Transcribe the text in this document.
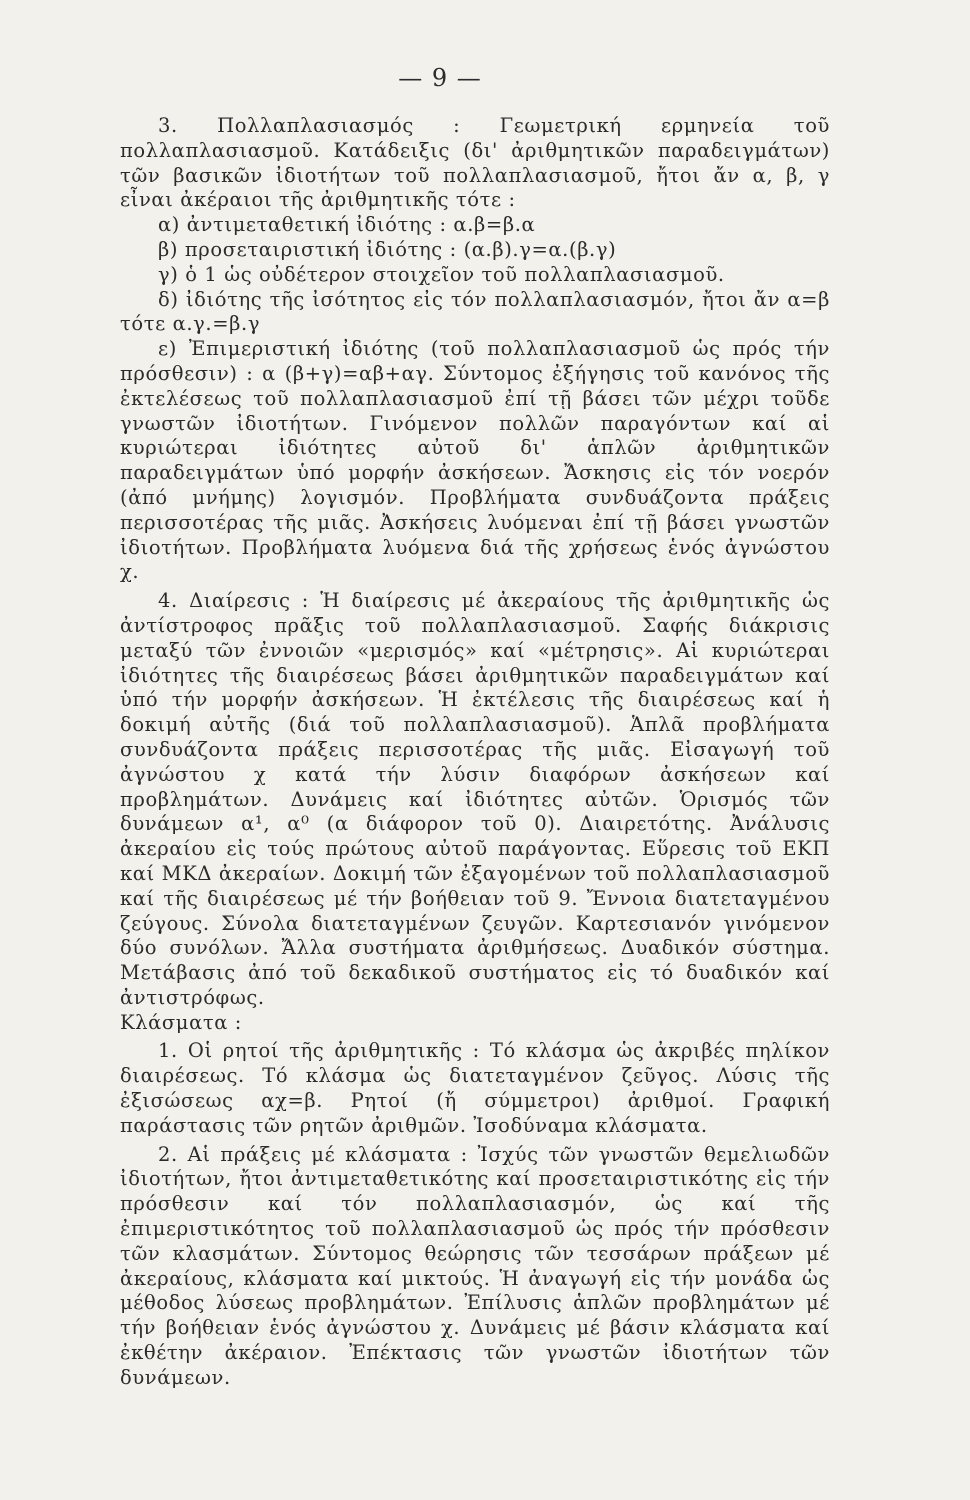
— 9 —

3. Πολλαπλασιασμός : Γεωμετρική ερμηνεία τοῦ πολλαπλασιασμοῦ. Κατάδειξις (δι' ἀριθμητικῶν παραδειγμάτων) τῶν βασικῶν ἰδιοτήτων τοῦ πολλαπλασιασμοῦ, ἤτοι ἄν α, β, γ εἶναι ἀκέραιοι τῆς ἀριθμητικῆς τότε :

α) ἀντιμεταθετική ἰδιότης : α.β=β.α

β) προσεταιριστική ἰδιότης : (α.β).γ=α.(β.γ)

γ) ὁ 1 ὡς οὐδέτερον στοιχεῖον τοῦ πολλαπλασιασμοῦ.

δ) ἰδιότης τῆς ἰσότητος εἰς τόν πολλαπλασιασμόν, ἤτοι ἄν α=β τότε α.γ.=β.γ

ε) Ἐπιμεριστική ἰδιότης (τοῦ πολλαπλασιασμοῦ ὡς πρός τήν πρόσθεσιν) : α (β+γ)=αβ+αγ. Σύντομος ἐξήγησις τοῦ κανόνος τῆς ἐκτελέσεως τοῦ πολλαπλασιασμοῦ ἐπί τῇ βάσει τῶν μέχρι τοῦδε γνωστῶν ἰδιοτήτων. Γινόμενον πολλῶν παραγόντων καί αἱ κυριώτεραι ἰδιότητες αὐτοῦ δι' ἁπλῶν ἀριθμητικῶν παραδειγμάτων ὑπό μορφήν ἀσκήσεων. Ἄσκησις εἰς τόν νοερόν (ἀπό μνήμης) λογισμόν. Προβλήματα συνδυάζοντα πράξεις περισσοτέρας τῆς μιᾶς. Ἀσκήσεις λυόμεναι ἐπί τῇ βάσει γνωστῶν ἰδιοτήτων. Προβλήματα λυόμενα διά τῆς χρήσεως ἑνός ἀγνώστου χ.

4. Διαίρεσις : Ἡ διαίρεσις μέ ἀκεραίους τῆς ἀριθμητικῆς ὡς ἀντίστροφος πρᾶξις τοῦ πολλαπλασιασμοῦ. Σαφής διάκρισις μεταξύ τῶν ἐννοιῶν «μερισμός» καί «μέτρησις». Αἱ κυριώτεραι ἰδιότητες τῆς διαιρέσεως βάσει ἀριθμητικῶν παραδειγμάτων καί ὑπό τήν μορφήν ἀσκήσεων. Ἡ ἐκτέλεσις τῆς διαιρέσεως καί ἡ δοκιμή αὐτῆς (διά τοῦ πολλαπλασιασμοῦ). Ἁπλᾶ προβλήματα συνδυάζοντα πράξεις περισσοτέρας τῆς μιᾶς. Εἰσαγωγή τοῦ ἀγνώστου χ κατά τήν λύσιν διαφόρων ἀσκήσεων καί προβλημάτων. Δυνάμεις καί ἰδιότητες αὐτῶν. Ὁρισμός τῶν δυνάμεων α¹, α⁰ (α διάφορον τοῦ 0). Διαιρετότης. Ἀνάλυσις ἀκεραίου εἰς τούς πρώτους αὐτοῦ παράγοντας. Εὕρεσις τοῦ ΕΚΠ καί ΜΚΔ ἀκεραίων. Δοκιμή τῶν ἐξαγομένων τοῦ πολλαπλασιασμοῦ καί τῆς διαιρέσεως μέ τήν βοήθειαν τοῦ 9. Ἔννοια διατεταγμένου ζεύγους. Σύνολα διατεταγμένων ζευγῶν. Καρτεσιανόν γινόμενον δύο συνόλων. Ἄλλα συστήματα ἀριθμήσεως. Δυαδικόν σύστημα. Μετάβασις ἀπό τοῦ δεκαδικοῦ συστήματος εἰς τό δυαδικόν καί ἀντιστρόφως.

Κλάσματα :

1. Οἱ ρητοί τῆς ἀριθμητικῆς : Τό κλάσμα ὡς ἀκριβές πηλίκον διαιρέσεως. Τό κλάσμα ὡς διατεταγμένον ζεῦγος. Λύσις τῆς ἐξισώσεως αχ=β. Ρητοί (ἤ σύμμετροι) ἀριθμοί. Γραφική παράστασις τῶν ρητῶν ἀριθμῶν. Ἰσοδύναμα κλάσματα.

2. Αἱ πράξεις μέ κλάσματα : Ἰσχύς τῶν γνωστῶν θεμελιωδῶν ἰδιοτήτων, ἤτοι ἀντιμεταθετικότης καί προσεταιριστικότης εἰς τήν πρόσθεσιν καί τόν πολλαπλασιασμόν, ὡς καί τῆς ἐπιμεριστικότητος τοῦ πολλαπλασιασμοῦ ὡς πρός τήν πρόσθεσιν τῶν κλασμάτων. Σύντομος θεώρησις τῶν τεσσάρων πράξεων μέ ἀκεραίους, κλάσματα καί μικτούς. Ἡ ἀναγωγή εἰς τήν μονάδα ὡς μέθοδος λύσεως προβλημάτων. Ἐπίλυσις ἁπλῶν προβλημάτων μέ τήν βοήθειαν ἑνός ἀγνώστου χ. Δυνάμεις μέ βάσιν κλάσματα καί ἐκθέτην ἀκέραιον. Ἐπέκτασις τῶν γνωστῶν ἰδιοτήτων τῶν δυνάμεων.
